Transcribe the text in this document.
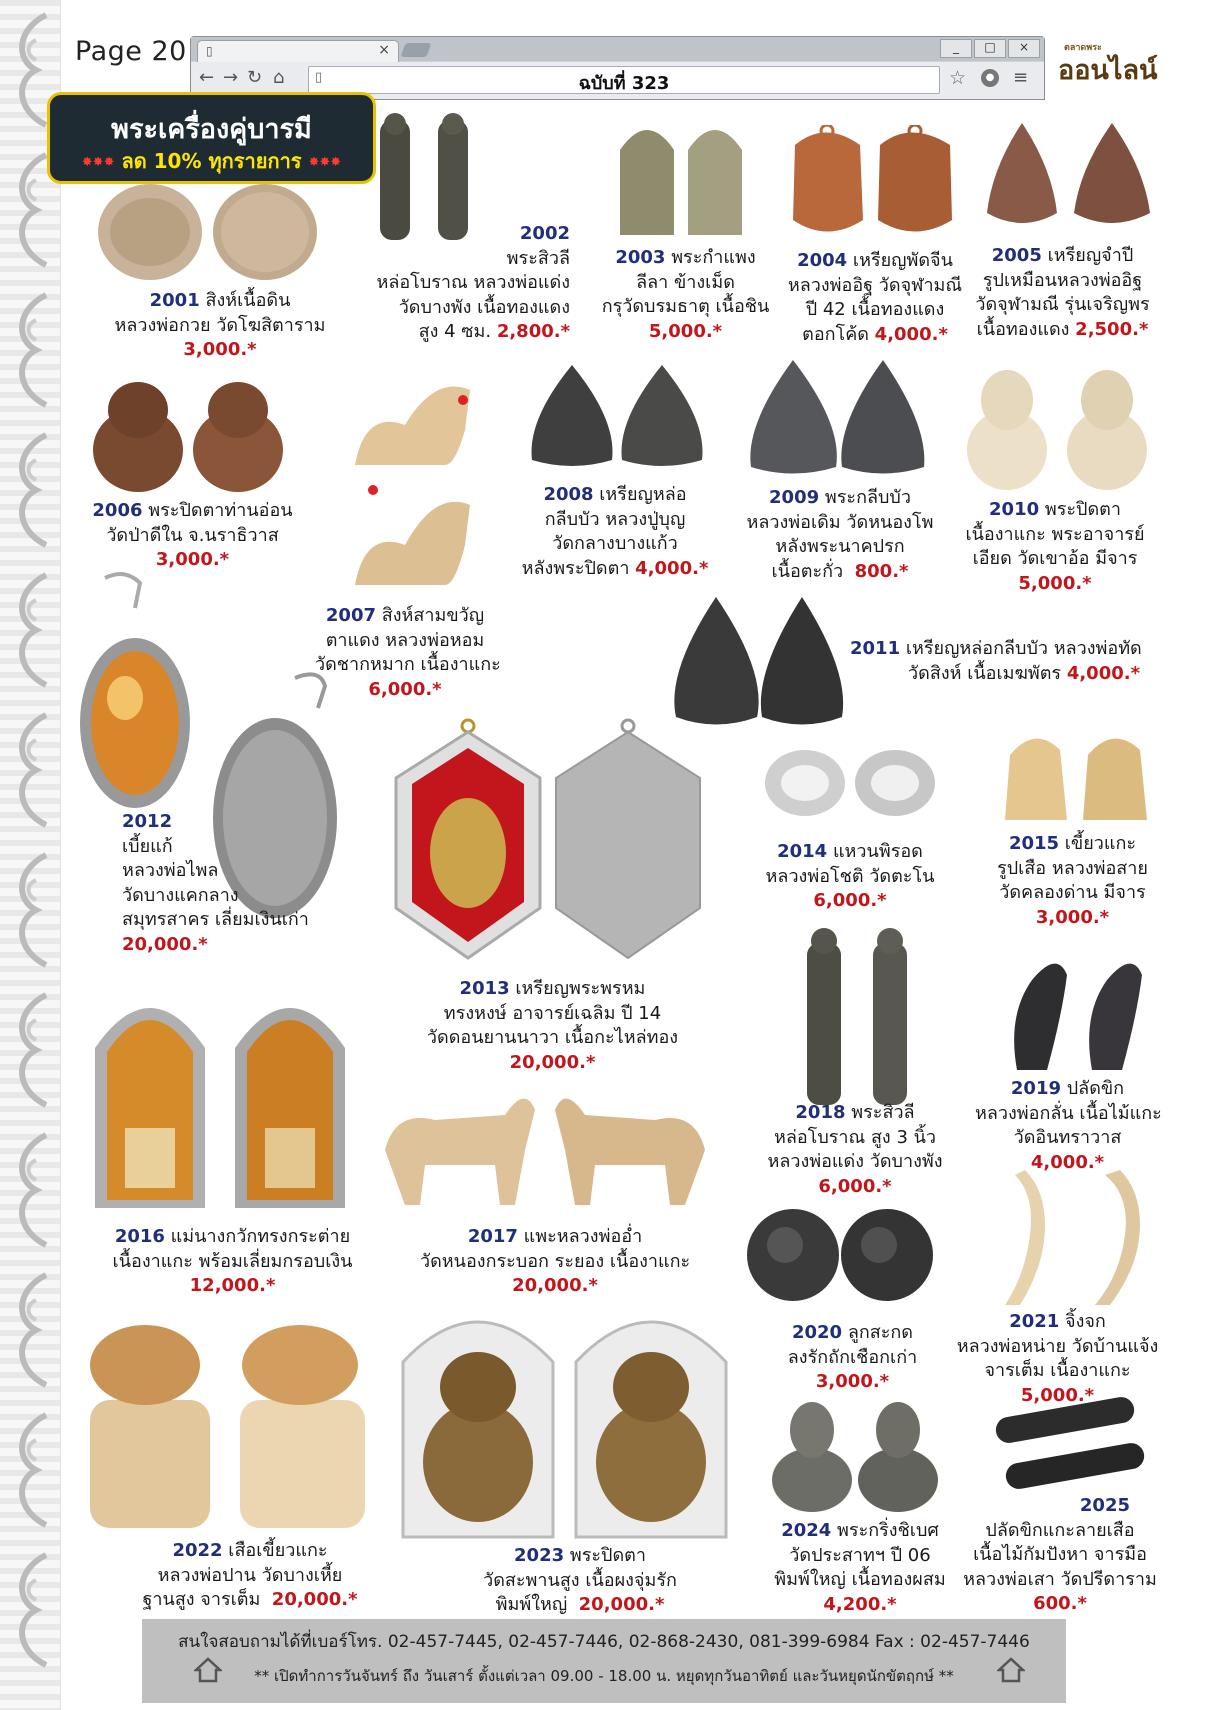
Page 20 ▯	×	_	□	×
← → ↻ ⌂ ▯	ฉบับที่ 323	☆	● ≡
ตลาดพระ
ออนไลน์
พระเครื่องคู่บารมี
✸✸✸ ลด 10% ทุกรายการ ✸✸✸
2001 สิงห์เนื้อดิน
หลวงพ่อกวย วัดโฆสิตาราม
3,000.*
2002
พระสิวลี
หล่อโบราณ หลวงพ่อแด่ง
วัดบางพัง เนื้อทองแดง
สูง 4 ซม. 2,800.*
2003 พระกำแพง
ลีลา ข้างเม็ด
กรุวัดบรมธาตุ เนื้อชิน
5,000.*
2004 เหรียญพัดจีน
หลวงพ่ออิฐ วัดจุฬามณี
ปี 42 เนื้อทองแดง
ตอกโค้ด 4,000.*
2005 เหรียญจำปี
รูปเหมือนหลวงพ่ออิฐ
วัดจุฬามณี รุ่นเจริญพร
เนื้อทองแดง 2,500.*
2006 พระปิดตาท่านอ่อน
วัดป่าดีใน จ.นราธิวาส
3,000.*
2007 สิงห์สามขวัญ
ตาแดง หลวงพ่อหอม
วัดชากหมาก เนื้องาแกะ
6,000.*
2008 เหรียญหล่อ
กลีบบัว หลวงปู่บุญ
วัดกลางบางแก้ว
หลังพระปิดตา 4,000.*
2009 พระกลีบบัว
หลวงพ่อเดิม วัดหนองโพ
หลังพระนาคปรก
เนื้อตะกั่ว 800.*
2010 พระปิดตา
เนื้องาแกะ พระอาจารย์
เอียด วัดเขาอ้อ มีจาร
5,000.*
2011 เหรียญหล่อกลีบบัว หลวงพ่อทัด
วัดสิงห์ เนื้อเมฆพัตร 4,000.*
2012
เบี้ยแก้
หลวงพ่อไพล
วัดบางแคกลาง
สมุทรสาคร เลี่ยมเงินเก่า
20,000.*
2013 เหรียญพระพรหม
ทรงหงษ์ อาจารย์เฉลิม ปี 14
วัดดอนยานนาวา เนื้อกะไหล่ทอง
20,000.*
2014 แหวนพิรอด
หลวงพ่อโชติ วัดตะโน
6,000.*
2015 เขี้ยวแกะ
รูปเสือ หลวงพ่อสาย
วัดคลองด่าน มีจาร
3,000.*
2016 แม่นางกวักทรงกระต่าย
เนื้องาแกะ พร้อมเลี่ยมกรอบเงิน
12,000.*
2017 แพะหลวงพ่ออ่ำ
วัดหนองกระบอก ระยอง เนื้องาแกะ
20,000.*
2018 พระสิวลี
หล่อโบราณ สูง 3 นิ้ว
หลวงพ่อแด่ง วัดบางพัง
6,000.*
2019 ปลัดขิก
หลวงพ่อกลั่น เนื้อไม้แกะ
วัดอินทราวาส
4,000.*
2020 ลูกสะกด
ลงรักถักเชือกเก่า
3,000.*
2021 จิ้งจก
หลวงพ่อหน่าย วัดบ้านแจ้ง
จารเต็ม เนื้องาแกะ
5,000.*
2022 เสือเขี้ยวแกะ
หลวงพ่อปาน วัดบางเหี้ย
ฐานสูง จารเต็ม 20,000.*
2023 พระปิดตา
วัดสะพานสูง เนื้อผงจุ่มรัก
พิมพ์ใหญ่ 20,000.*
2024 พระกริ่งชิเบศ
วัดประสาทฯ ปี 06
พิมพ์ใหญ่ เนื้อทองผสม
4,200.*
2025
ปลัดขิกแกะลายเสือ
เนื้อไม้กัมปังหา จารมือ
หลวงพ่อเสา วัดปรีดาราม
600.*
สนใจสอบถามได้ที่เบอร์โทร. 02-457-7445, 02-457-7446, 02-868-2430, 081-399-6984 Fax : 02-457-7446
** เปิดทำการวันจันทร์ ถึง วันเสาร์ ตั้งแต่เวลา 09.00 - 18.00 น. หยุดทุกวันอาทิตย์ และวันหยุดนักขัตฤกษ์ **
